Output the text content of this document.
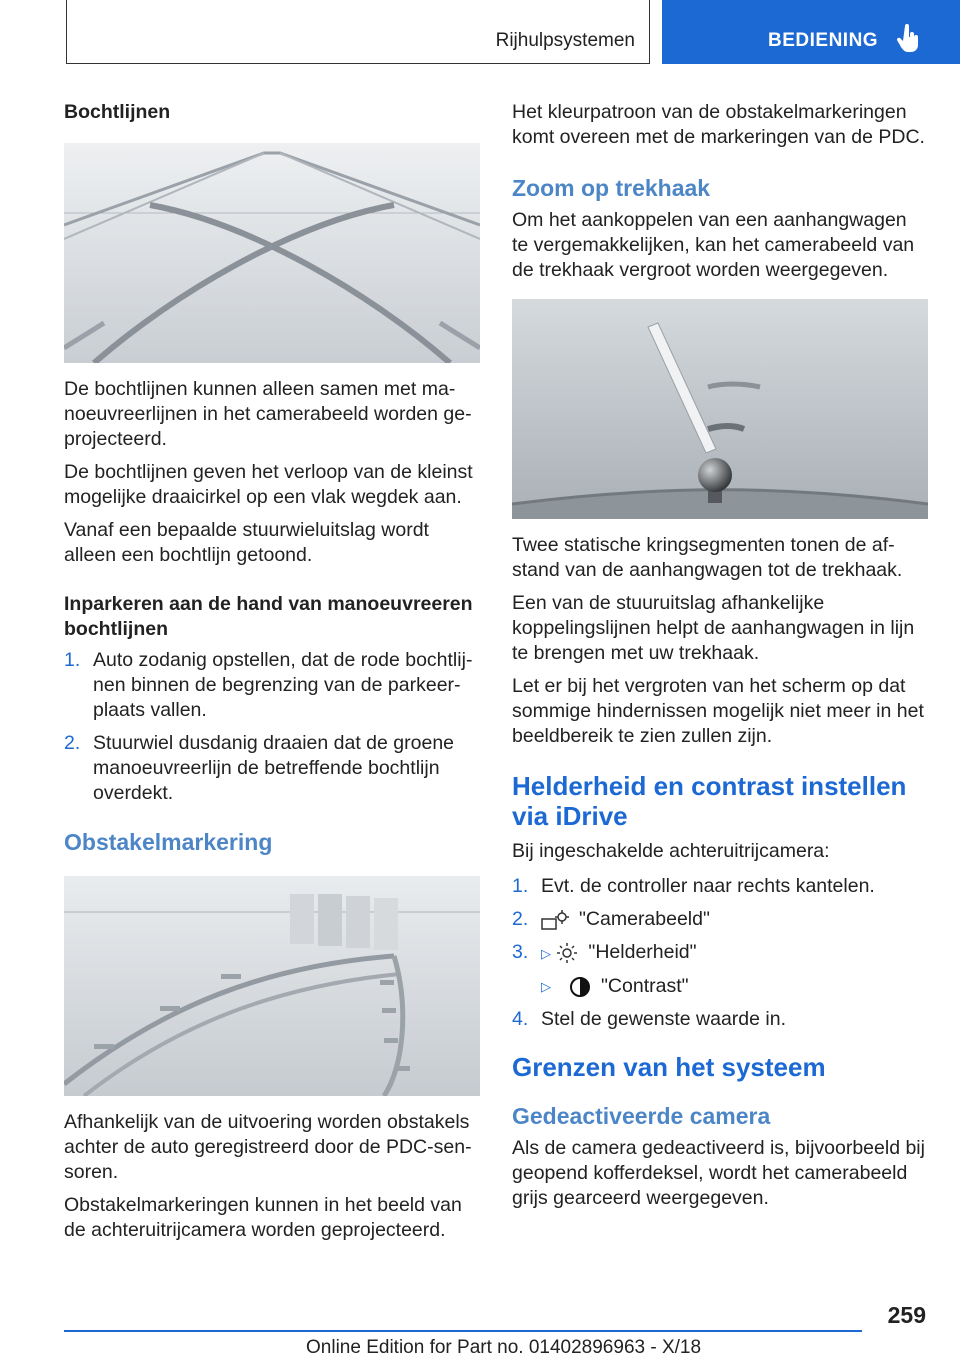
Rijhulpsystemen	BEDIENING
Bochtlijnen

De bochtlijnen kunnen alleen samen met manoeuvreerlijnen in het camerabeeld worden geprojecteerd.

De bochtlijnen geven het verloop van de kleinst mogelijke draaicirkel op een vlak wegdek aan.

Vanaf een bepaalde stuurwieluitslag wordt alleen een bochtlijn getoond.

Inparkeren aan de hand van manoeuvreeren bochtlijnen
1. Auto zodanig opstellen, dat de rode bochtlijnen binnen de begrenzing van de parkeerplaats vallen.
2. Stuurwiel dusdanig draaien dat de groene manoeuvreerlijn de betreffende bochtlijn overdekt.
Obstakelmarkering

Afhankelijk van de uitvoering worden obstakels achter de auto geregistreerd door de PDC-sensoren.

Obstakelmarkeringen kunnen in het beeld van de achteruitrijcamera worden geprojecteerd.

Het kleurpatroon van de obstakelmarkeringen komt overeen met de markeringen van de PDC.

Zoom op trekhaak

Om het aankoppelen van een aanhangwagen te vergemakkelijken, kan het camerabeeld van de trekhaak vergroot worden weergegeven.

Twee statische kringsegmenten tonen de afstand van de aanhangwagen tot de trekhaak.

Een van de stuuruitslag afhankelijke koppelingslijnen helpt de aanhangwagen in lijn te brengen met uw trekhaak.

Let er bij het vergroten van het scherm op dat sommige hindernissen mogelijk niet meer in het beeldbereik te zien zullen zijn.

Helderheid en contrast instellen via iDrive

Bij ingeschakelde achteruitrijcamera:

1. Evt. de controller naar rechts kantelen.
2.	"Camerabeeld"
3. ▷ "Helderheid"
▷	"Contrast"
4. Stel de gewenste waarde in.
Grenzen van het systeem
Gedeactiveerde camera

Als de camera gedeactiveerd is, bijvoorbeeld bij geopend kofferdeksel, wordt het camerabeeld grijs gearceerd weergegeven.

259
Online Edition for Part no. 01402896963 - X/18
